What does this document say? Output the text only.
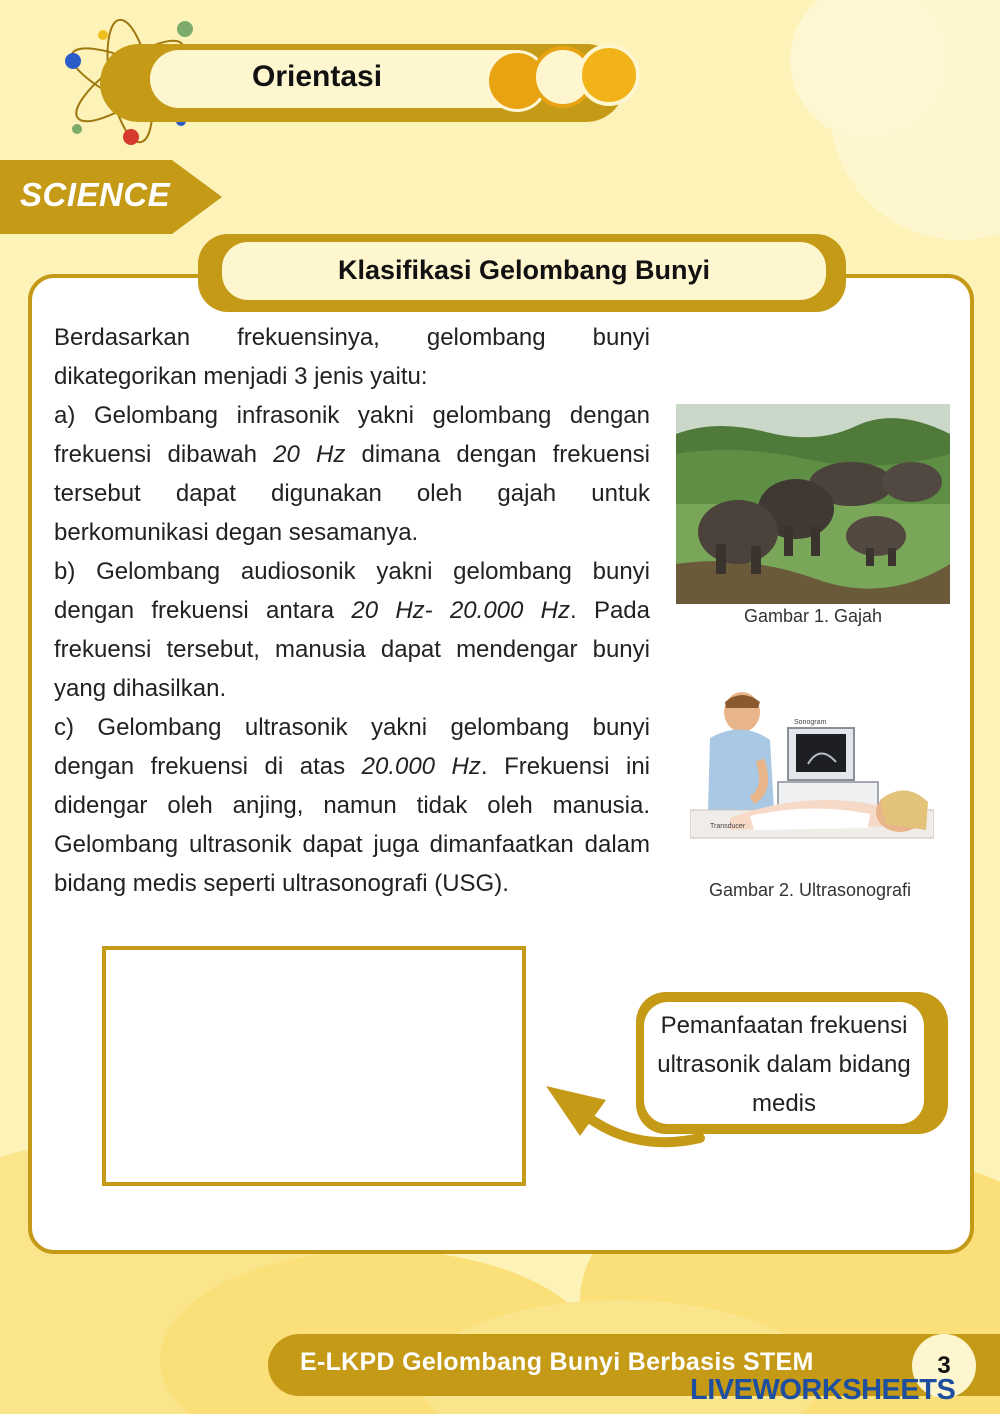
Orientasi
SCIENCE
Klasifikasi Gelombang Bunyi

Berdasarkan frekuensinya, gelombang bunyi dikategorikan menjadi 3 jenis yaitu:

a) Gelombang infrasonik yakni gelombang dengan frekuensi dibawah 20 Hz dimana dengan frekuensi tersebut dapat digunakan oleh gajah untuk berkomunikasi degan sesamanya.

b) Gelombang audiosonik yakni gelombang bunyi dengan frekuensi antara 20 Hz- 20.000 Hz. Pada frekuensi tersebut, manusia dapat mendengar bunyi yang dihasilkan.

c) Gelombang ultrasonik yakni gelombang bunyi dengan frekuensi di atas 20.000 Hz. Frekuensi ini didengar oleh anjing, namun tidak oleh manusia. Gelombang ultrasonik dapat juga dimanfaatkan dalam bidang medis seperti ultrasonografi (USG).

Gambar 1. Gajah
Sonogram
Transducer
Gambar 2. Ultrasonografi
Pemanfaatan frekuensi ultrasonik dalam bidang medis
E-LKPD Gelombang Bunyi Berbasis STEM	3
LIVEWORKSHEETS
